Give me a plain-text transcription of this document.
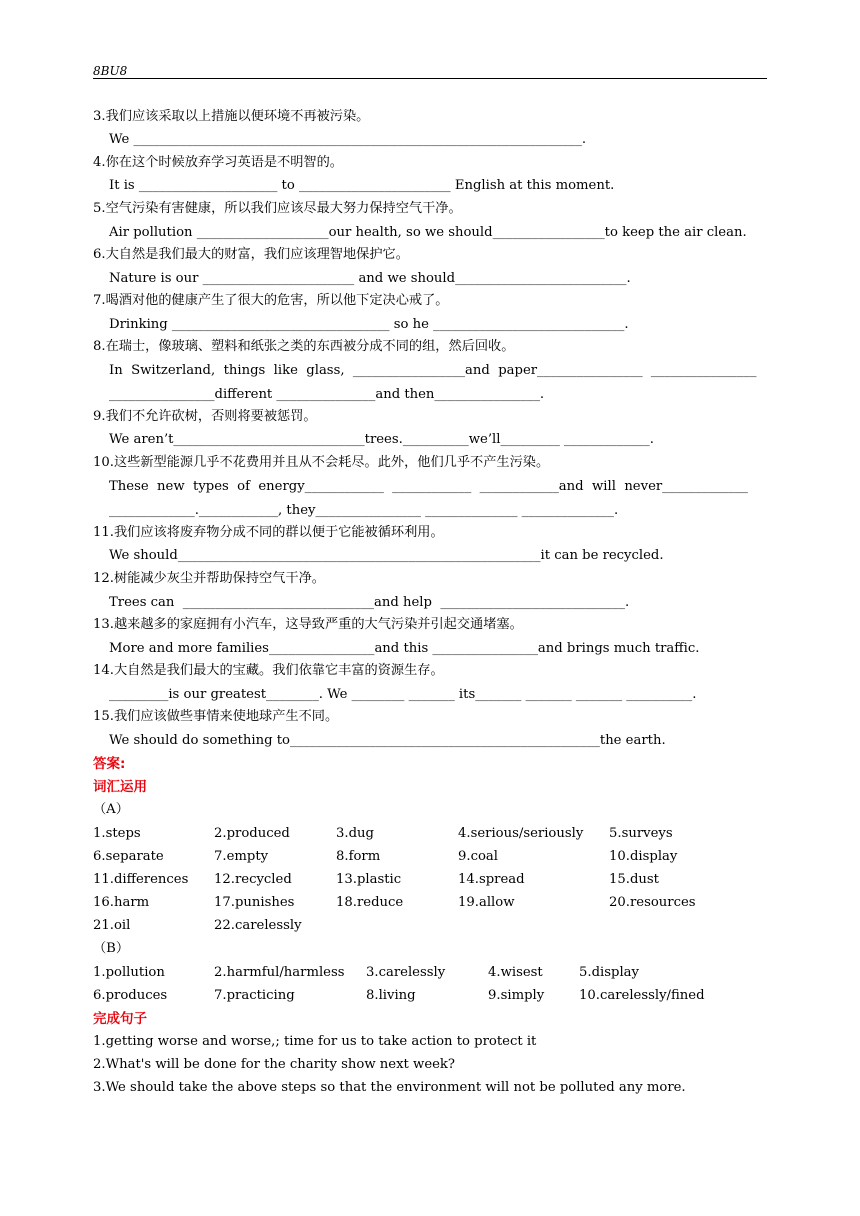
8BU8
3.我们应该采取以上措施以便环境不再被污染。
We ____________________________________________________________________.
4.你在这个时候放弃学习英语是不明智的。
It is _____________________ to _______________________ English at this moment.
5.空气污染有害健康，所以我们应该尽最大努力保持空气干净。
Air pollution ____________________our health, so we should_________________to keep the air clean.
6.大自然是我们最大的财富，我们应该理智地保护它。
Nature is our _______________________ and we should__________________________.
7.喝酒对他的健康产生了很大的危害，所以他下定决心戒了。
Drinking _________________________________ so he _____________________________.
8.在瑞士，像玻璃、塑料和纸张之类的东西被分成不同的组，然后回收。
In  Switzerland,  things  like  glass,  _________________and  paper________________  ________________
________________different _______________and then________________.
9.我们不允许砍树，否则将要被惩罚。
We aren’t_____________________________trees.__________we’ll_________ _____________.
10.这些新型能源几乎不花费用并且从不会耗尽。此外，他们几乎不产生污染。
These  new  types  of  energy____________  ____________  ____________and  will  never_____________
_____________.____________, they________________ ______________ ______________.
11.我们应该将废弃物分成不同的群以便于它能被循环利用。
We should_______________________________________________________it can be recycled.
12.树能减少灰尘并帮助保持空气干净。
Trees can  _____________________________and help  ____________________________.
13.越来越多的家庭拥有小汽车，这导致严重的大气污染并引起交通堵塞。
More and more families________________and this ________________and brings much traffic.
14.大自然是我们最大的宝藏。我们依靠它丰富的资源生存。
_________is our greatest________. We ________ _______ its_______ _______ _______ __________.
15.我们应该做些事情来使地球产生不同。
We should do something to_______________________________________________the earth.
答案:
词汇运用
（A）
1.steps	2.produced	3.dug	4.serious/seriously 5.surveys
6.separate	7.empty	8.form	9.coal	10.display
11.differences 12.recycled	13.plastic	14.spread	15.dust
16.harm	17.punishes	18.reduce	19.allow	20.resources
21.oil	22.carelessly
（B）
1.pollution	2.harmful/harmless 3.carelessly	4.wisest	5.display
6.produces	7.practicing	8.living	9.simply	10.carelessly/fined
完成句子
1.getting worse and worse,; time for us to take action to protect it
2.What's will be done for the charity show next week?
3.We should take the above steps so that the environment will not be polluted any more.
